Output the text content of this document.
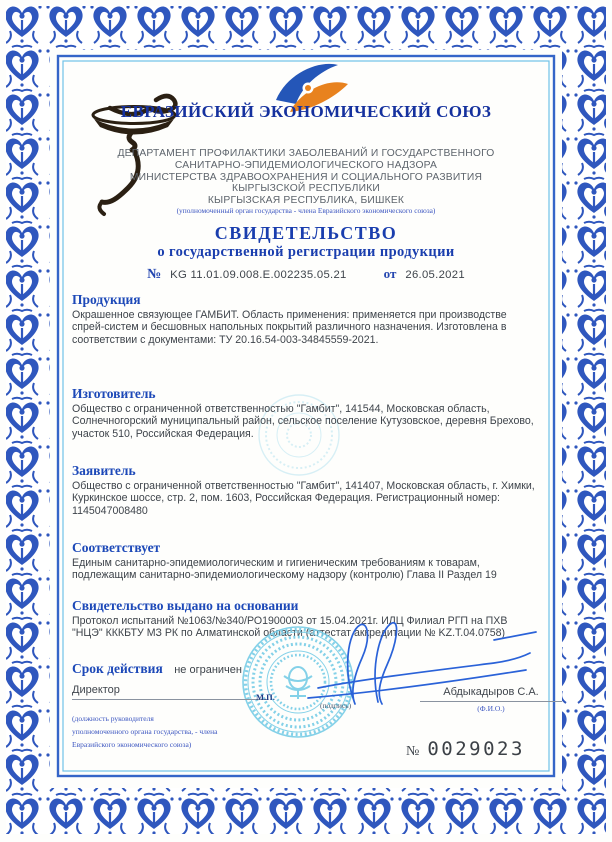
ЕВРАЗИЙСКИЙ ЭКОНОМИЧЕСКИЙ СОЮЗ
ДЕПАРТАМЕНТ ПРОФИЛАКТИКИ ЗАБОЛЕВАНИЙ И ГОСУДАРСТВЕННОГО
САНИТАРНО-ЭПИДЕМИОЛОГИЧЕСКОГО НАДЗОРА
МИНИСТЕРСТВА ЗДРАВООХРАНЕНИЯ И СОЦИАЛЬНОГО РАЗВИТИЯ
КЫРГЫЗСКОЙ РЕСПУБЛИКИ
КЫРГЫЗСКАЯ РЕСПУБЛИКА, БИШКЕК
(уполномоченный орган государства - члена Евразийского экономического союза)
СВИДЕТЕЛЬСТВО
о государственной регистрации продукции
№ KG 11.01.09.008.E.002235.05.21	от 26.05.2021
Продукция
Окрашенное связующее ГАМБИТ. Область применения: применяется при производстве спрей-систем и бесшовных напольных покрытий различного назначения. Изготовлена в соответствии с документами: ТУ 20.16.54-003-34845559-2021.
Изготовитель
Общество с ограниченной ответственностью "Гамбит", 141544, Московская область, Солнечногорский муниципальный район, сельское поселение Кутузовское, деревня Брехово, участок 510, Российская Федерация.
Заявитель
Общество с ограниченной ответственностью "Гамбит", 141407, Московская область, г. Химки, Куркинское шоссе, стр. 2, пом. 1603, Российская Федерация. Регистрационный номер: 1145047008480
Соответствует
Единым санитарно-эпидемиологическим и гигиеническим требованиям к товарам, подлежащим санитарно-эпидемиологическому надзору (контролю) Глава II Раздел 19
Свидетельство выдано на основании
Протокол испытаний №1063/№340/РО1900003 от 15.04.2021г. ИЛЦ Филиал РГП на ПХВ "НЦЭ" КККБТУ МЗ РК по Алматинской области (аттестат аккредитации № KZ.Т.04.0758)
Срок действия не ограничен
Директор
(должность руководителя
уполномоченного органа государства, - члена
Евразийского экономического союза)
М.П.
(подпись)
Абдыкадыров С.А.
(Ф.И.О.)
№ 0029023
